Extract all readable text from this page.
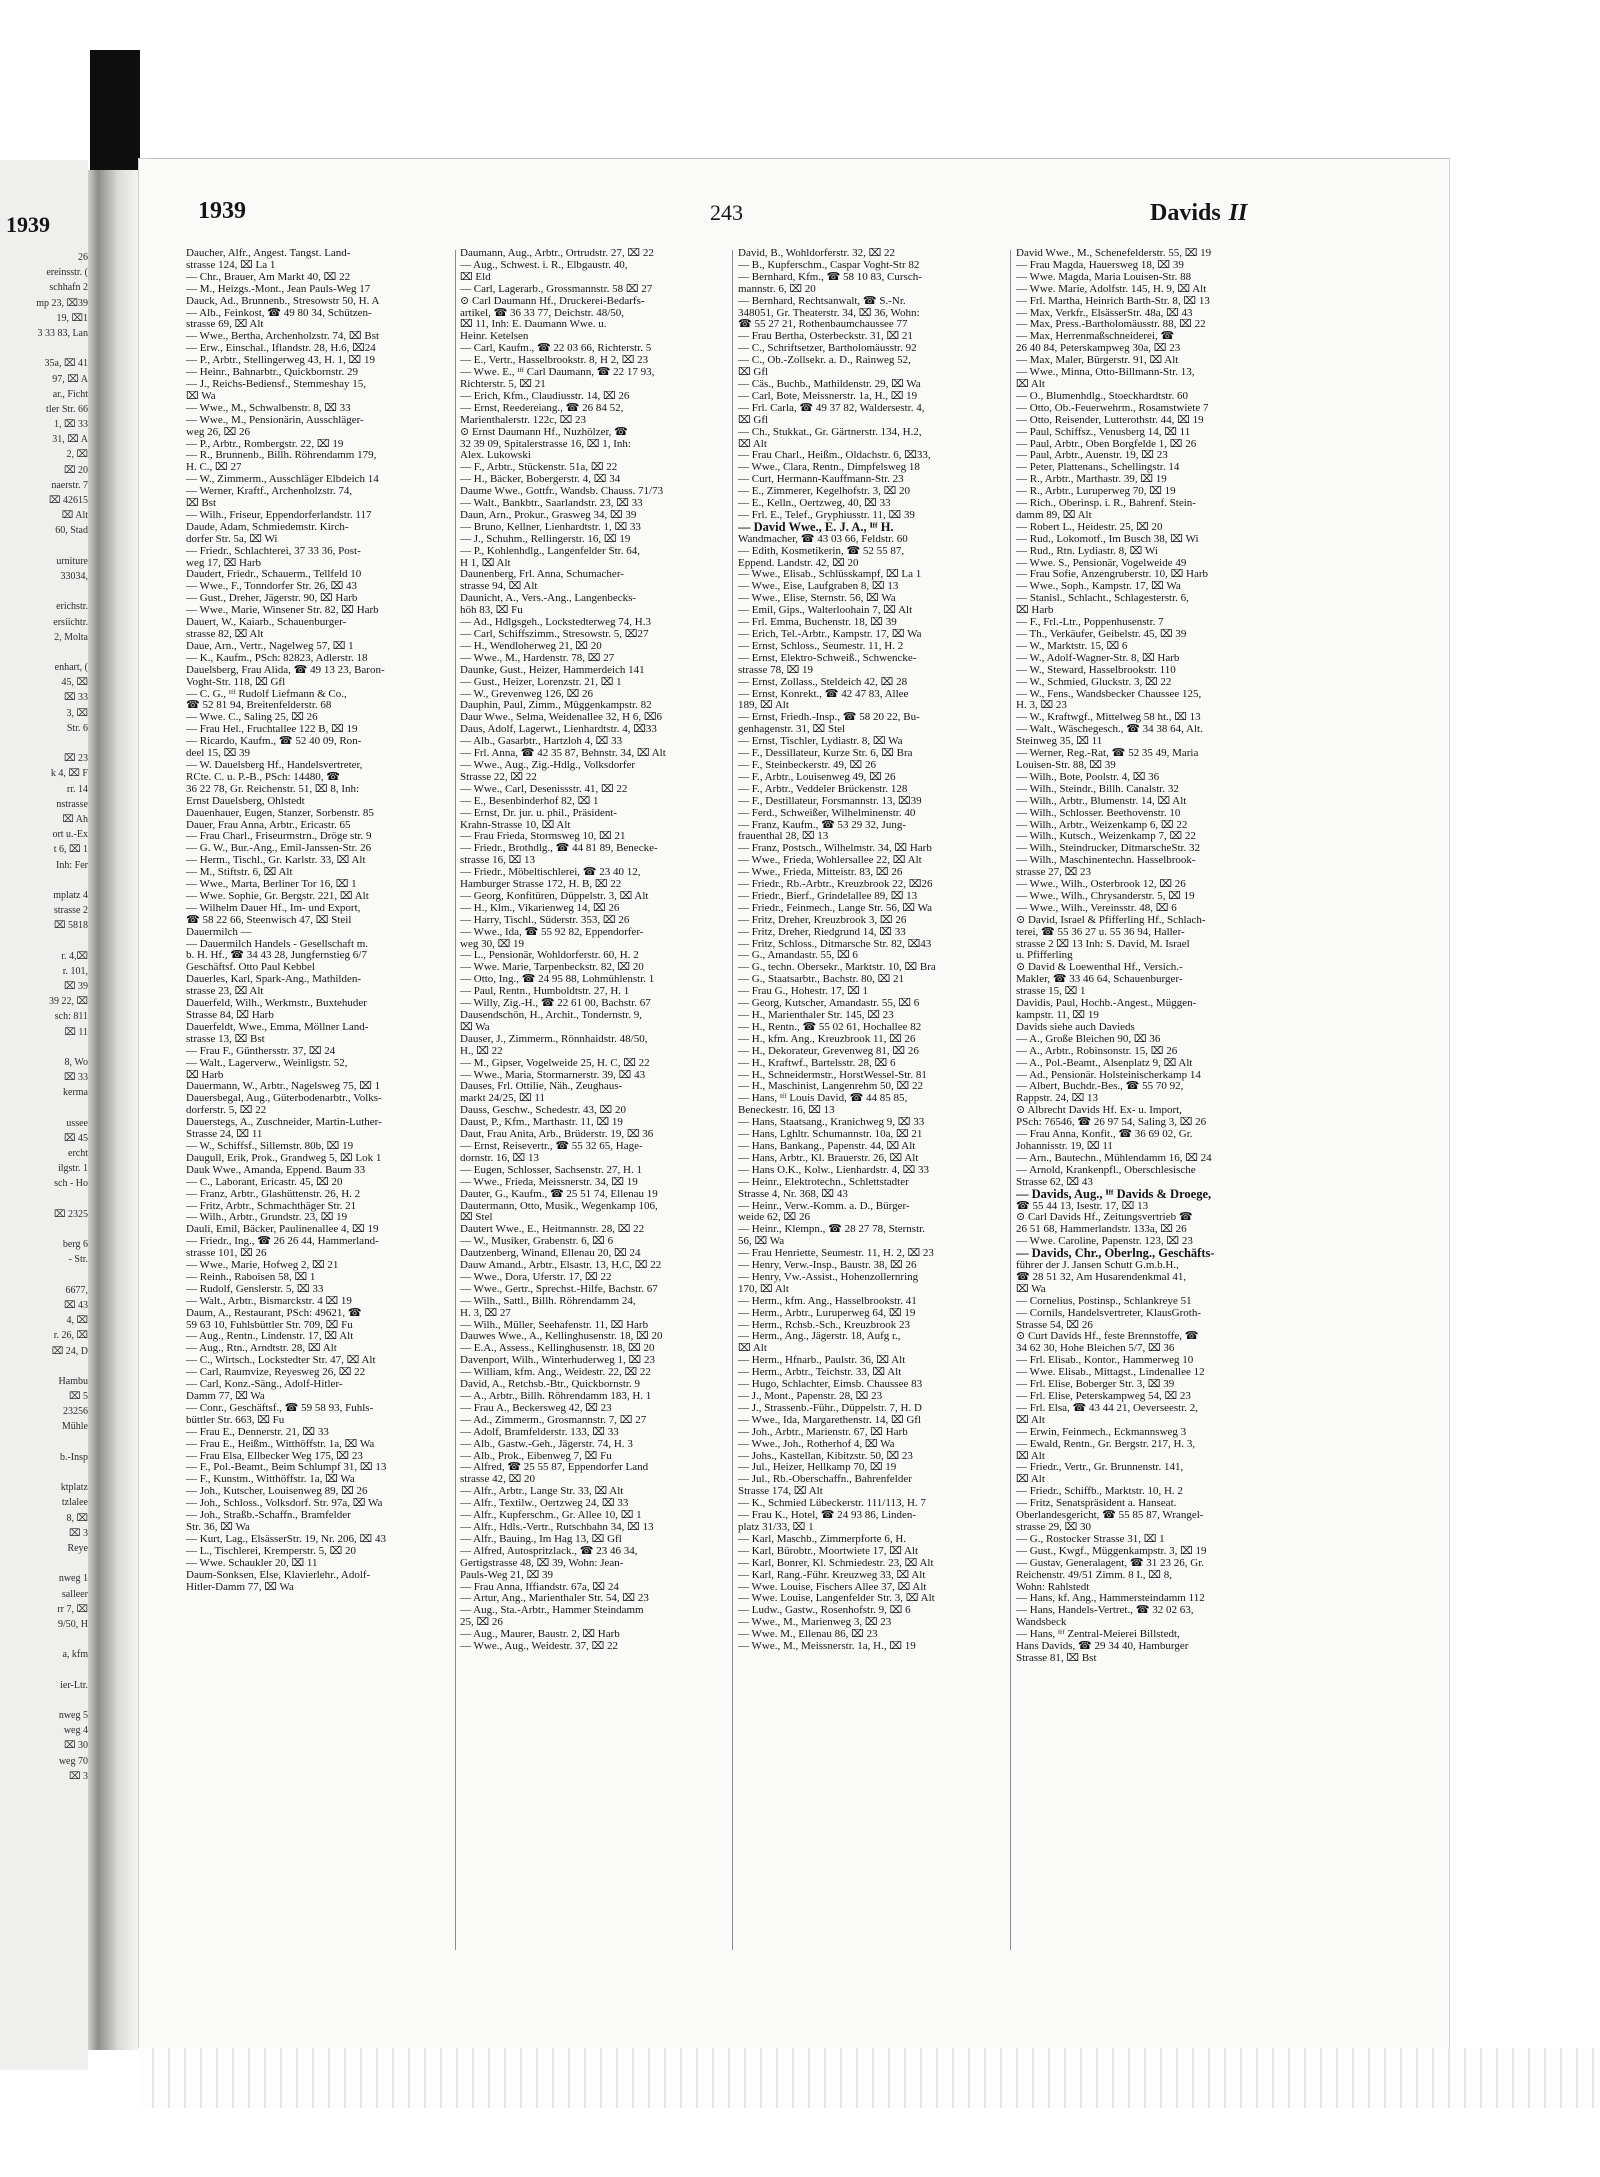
1939
26
ereinsstr. (
schhafn 2
mp 23, ⌧39
19, ⌧1
3 33 83, Lan
35a, ⌧ 41
97, ⌧ A
ar., Ficht
tler Str. 66
1, ⌧ 33
31, ⌧ A
2, ⌧
⌧ 20
naerstr. 7
⌧ 42615
⌧ Alt
60, Stad
urniture
33034,
erichstr.
ersiichtr.
2, Molta
enhart, (
45, ⌧
⌧ 33
3, ⌧
Str. 6
⌧ 23
k 4, ⌧ F
rr. 14
nstrasse
⌧ Ah
ort u.-Ex
t 6, ⌧ 1
Inh: Fer
mplatz 4
strasse 2
⌧ 5818
r. 4,⌧
r. 101,
⌧ 39
39 22, ⌧
sch: 811
⌧ 11
8, Wo
⌧ 33
kerma
ussee
⌧ 45
ercht
ilgstr. 1
sch - Ho
⌧ 2325
berg 6
- Str.
6677,
⌧ 43
4, ⌧
r. 26, ⌧
⌧ 24, D
Hambu
⌧ 5
23256
Mühle
b.-Insp
ktplatz
tzlalee
8, ⌧
⌧ 3
Reye
nweg 1
salleer
rr 7, ⌧
9/50, H
a, kfm
ier-Ltr.
nweg 5
weg 4
⌧ 30
weg 70
⌧ 3
1939	243	Davids II
Daucher, Alfr., Angest. Tangst. Land-
strasse 124, ⌧ La 1
— Chr., Brauer, Am Markt 40, ⌧ 22
— M., Heizgs.-Mont., Jean Pauls-Weg 17
Dauck, Ad., Brunnenb., Stresowstr 50, H. A
— Alb., Feinkost, ☎ 49 80 34, Schützen-
strasse 69, ⌧ Alt
— Wwe., Bertha, Archenholzstr. 74, ⌧ Bst
— Erw., Einschal., Iflandstr. 28, H.6, ⌧24
— P., Arbtr., Stellingerweg 43, H. 1, ⌧ 19
— Heinr., Bahnarbtr., Quickbornstr. 29
— J., Reichs-Bediensf., Stemmeshay 15,
⌧ Wa
— Wwe., M., Schwalbenstr. 8, ⌧ 33
— Wwe., M., Pensionärin, Ausschläger-
weg 26, ⌧ 26
— P., Arbtr., Rombergstr. 22, ⌧ 19
— R., Brunnenb., Billh. Röhrendamm 179,
H. C., ⌧ 27
— W., Zimmerm., Ausschläger Elbdeich 14
— Werner, Kraftf., Archenholzstr. 74,
⌧ Bst
— Wilh., Friseur, Eppendorferlandstr. 117
Daude, Adam, Schmiedemstr. Kirch-
dorfer Str. 5a, ⌧ Wi
— Friedr., Schlachterei, 37 33 36, Post-
weg 17, ⌧ Harb
Daudert, Friedr., Schauerm., Tellfeld 10
— Wwe., F., Tonndorfer Str. 26, ⌧ 43
— Gust., Dreher, Jägerstr. 90, ⌧ Harb
— Wwe., Marie, Winsener Str. 82, ⌧ Harb
Dauert, W., Kaiarb., Schauenburger-
strasse 82, ⌧ Alt
Daue, Arn., Vertr., Nagelweg 57, ⌧ 1
— K., Kaufm., PSch: 82823, Adlerstr. 18
Dauelsberg, Frau Alida, ☎ 49 13 23, Baron-
Voght-Str. 118, ⌧ Gfl
— C. G., ᴵᶠᶠ Rudolf Liefmann & Co.,
☎ 52 81 94, Breitenfelderstr. 68
— Wwe. C., Saling 25, ⌧ 26
— Frau Hel., Fruchtallee 122 B, ⌧ 19
— Ricardo, Kaufm., ☎ 52 40 09, Ron-
deel 15, ⌧ 39
— W. Dauelsberg Hf., Handelsvertreter,
RCte. C. u. P.-B., PSch: 14480, ☎
36 22 78, Gr. Reichenstr. 51, ⌧ 8, Inh:
Ernst Dauelsberg, Ohlstedt
Dauenhauer, Eugen, Stanzer, Sorbenstr. 85
Dauer, Frau Anna, Arbtr., Ericastr. 65
— Frau Charl., Friseurmstrn., Dröge str. 9
— G. W., Bur.-Ang., Emil-Janssen-Str. 26
— Herm., Tischl., Gr. Karlstr. 33, ⌧ Alt
— M., Stiftstr. 6, ⌧ Alt
— Wwe., Marta, Berliner Tor 16, ⌧ 1
— Wwe. Sophie, Gr. Bergstr. 221, ⌧ Alt
— Wilhelm Dauer Hf., Im- und Export,
☎ 58 22 66, Steenwisch 47, ⌧ Steil
Dauermilch —
— Dauermilch Handels - Gesellschaft m.
b. H. Hf., ☎ 34 43 28, Jungfernstieg 6/7
Geschäftsf. Otto Paul Kebbel
Dauerles, Karl, Spark-Ang., Mathilden-
strasse 23, ⌧ Alt
Dauerfeld, Wilh., Werkmstr., Buxtehuder
Strasse 84, ⌧ Harb
Dauerfeldt, Wwe., Emma, Möllner Land-
strasse 13, ⌧ Bst
— Frau F., Günthersstr. 37, ⌧ 24
— Walt., Lagerverw., Weinligstr. 52,
⌧ Harb
Dauermann, W., Arbtr., Nagelsweg 75, ⌧ 1
Dauersbegal, Aug., Güterbodenarbtr., Volks-
dorferstr. 5, ⌧ 22
Dauerstegs, A., Zuschneider, Martin-Luther-
Strasse 24, ⌧ 11
— W., Schiffsf., Sillemstr. 80b, ⌧ 19
Daugull, Erik, Prok., Grandweg 5, ⌧ Lok 1
Dauk Wwe., Amanda, Eppend. Baum 33
— C., Laborant, Ericastr. 45, ⌧ 20
— Franz, Arbtr., Glashüttenstr. 26, H. 2
— Fritz, Arbtr., Schmachthäger Str. 21
— Wilh., Arbtr., Grundstr. 23, ⌧ 19
Dauli, Emil, Bäcker, Paulinenallee 4, ⌧ 19
— Friedr., Ing., ☎ 26 26 44, Hammerland-
strasse 101, ⌧ 26
— Wwe., Marie, Hofweg 2, ⌧ 21
— Reinh., Raboisen 58, ⌧ 1
— Rudolf, Genslerstr. 5, ⌧ 33
— Walt., Arbtr., Bismarckstr. 4 ⌧ 19
Daum, A., Restaurant, PSch: 49621, ☎
59 63 10, Fuhlsbüttler Str. 709, ⌧ Fu
— Aug., Rentn., Lindenstr. 17, ⌧ Alt
— Aug., Rtn., Arndtstr. 28, ⌧ Alt
— C., Wirtsch., Lockstedter Str. 47, ⌧ Alt
— Carl, Raumvize, Reyesweg 26, ⌧ 22
— Carl, Konz.-Säng., Adolf-Hitler-
Damm 77, ⌧ Wa
— Conr., Geschäftsf., ☎ 59 58 93, Fuhls-
büttler Str. 663, ⌧ Fu
— Frau E., Dennerstr. 21, ⌧ 33
— Frau E., Heißm., Witthöffstr. 1a, ⌧ Wa
— Frau Elsa, Ellbecker Weg 175, ⌧ 23
— F., Pol.-Beamt., Beim Schlumpf 31, ⌧ 13
— F., Kunstm., Witthöffstr. 1a, ⌧ Wa
— Joh., Kutscher, Louisenweg 89, ⌧ 26
— Joh., Schloss., Volksdorf. Str. 97a, ⌧ Wa
— Joh., Straßb.-Schaffn., Bramfelder
Str. 36, ⌧ Wa
— Kurt, Lag., ElsässerStr. 19, Nr. 206, ⌧ 43
— L., Tischlerei, Kremperstr. 5, ⌧ 20
— Wwe. Schaukler 20, ⌧ 11
Daum-Sonksen, Else, Klavierlehr., Adolf-
Hitler-Damm 77, ⌧ Wa
Daumann, Aug., Arbtr., Ortrudstr. 27, ⌧ 22
— Aug., Schwest. i. R., Elbgaustr. 40,
⌧ Eld
— Carl, Lagerarb., Grossmannstr. 58 ⌧ 27
⊙ Carl Daumann Hf., Druckerei-Bedarfs-
artikel, ☎ 36 33 77, Deichstr. 48/50,
⌧ 11, Inh: E. Daumann Wwe. u.
Heinr. Ketelsen
— Carl, Kaufm., ☎ 22 03 66, Richterstr. 5
— E., Vertr., Hasselbrookstr. 8, H 2, ⌧ 23
— Wwe. E., ᴵᶠᶠ Carl Daumann, ☎ 22 17 93,
Richterstr. 5, ⌧ 21
— Erich, Kfm., Claudiusstr. 14, ⌧ 26
— Ernst, Reedereiang., ☎ 26 84 52,
Marienthalerstr. 122c, ⌧ 23
⊙ Ernst Daumann Hf., Nuzhölzer, ☎
32 39 09, Spitalerstrasse 16, ⌧ 1, Inh:
Alex. Lukowski
— F., Arbtr., Stückenstr. 51a, ⌧ 22
— H., Bäcker, Bobergerstr. 4, ⌧ 34
Daume Wwe., Gottfr., Wandsb. Chauss. 71/73
— Walt., Bankbtr., Saarlandstr. 23, ⌧ 33
Daun, Arn., Prokur., Grasweg 34, ⌧ 39
— Bruno, Kellner, Lienhardtstr. 1, ⌧ 33
— J., Schuhm., Rellingerstr. 16, ⌧ 19
— P., Kohlenhdlg., Langenfelder Str. 64,
H 1, ⌧ Alt
Daunenberg, Frl. Anna, Schumacher-
strasse 94, ⌧ Alt
Daunicht, A., Vers.-Ang., Langenbecks-
höh 83, ⌧ Fu
— Ad., Hdlgsgeh., Lockstedterweg 74, H.3
— Carl, Schiffszimm., Stresowstr. 5, ⌧27
— H., Wendloherweg 21, ⌧ 20
— Wwe., M., Hardenstr. 78, ⌧ 27
Daunke, Gust., Heizer, Hammerdeich 141
— Gust., Heizer, Lorenzstr. 21, ⌧ 1
— W., Grevenweg 126, ⌧ 26
Dauphin, Paul, Zimm., Müggenkampstr. 82
Daur Wwe., Selma, Weidenallee 32, H 6, ⌧6
Daus, Adolf, Lagerwt., Lienhardtstr. 4, ⌧33
— Alb., Gasarbtr., Hartzloh 4, ⌧ 33
— Frl. Anna, ☎ 42 35 87, Behnstr. 34, ⌧ Alt
— Wwe., Aug., Zig.-Hdlg., Volksdorfer
Strasse 22, ⌧ 22
— Wwe., Carl, Desenissstr. 41, ⌧ 22
— E., Besenbinderhof 82, ⌧ 1
— Ernst, Dr. jur. u. phil., Präsident-
Krahn-Strasse 10, ⌧ Alt
— Frau Frieda, Stormsweg 10, ⌧ 21
— Friedr., Brothdlg., ☎ 44 81 89, Benecke-
strasse 16, ⌧ 13
— Friedr., Möbeltischlerei, ☎ 23 40 12,
Hamburger Strasse 172, H. B, ⌧ 22
— Georg, Konfitüren, Düppelstr. 3, ⌧ Alt
— H., Klm., Vikarienweg 14, ⌧ 26
— Harry, Tischl., Süderstr. 353, ⌧ 26
— Wwe., Ida, ☎ 55 92 82, Eppendorfer-
weg 30, ⌧ 19
— L., Pensionär, Wohldorferstr. 60, H. 2
— Wwe. Marie, Tarpenbeckstr. 82, ⌧ 20
— Otto, Ing., ☎ 24 95 88, Lohmühlenstr. 1
— Paul, Rentn., Humboldtstr. 27, H. 1
— Willy, Zig.-H., ☎ 22 61 00, Bachstr. 67
Dausendschön, H., Archit., Tondernstr. 9,
⌧ Wa
Dauser, J., Zimmerm., Rönnhaidstr. 48/50,
H., ⌧ 22
— M., Gipser, Vogelweide 25, H. C, ⌧ 22
— Wwe., Maria, Stormarnerstr. 39, ⌧ 43
Dauses, Frl. Ottilie, Näh., Zeughaus-
markt 24/25, ⌧ 11
Dauss, Geschw., Schedestr. 43, ⌧ 20
Daust, P., Kfm., Marthastr. 11, ⌧ 19
Daut, Frau Anita, Arb., Brüderstr. 19, ⌧ 36
— Ernst, Reisevertr., ☎ 55 32 65, Hage-
dornstr. 16, ⌧ 13
— Eugen, Schlosser, Sachsenstr. 27, H. 1
— Wwe., Frieda, Meissnerstr. 34, ⌧ 19
Dauter, G., Kaufm., ☎ 25 51 74, Ellenau 19
Dautermann, Otto, Musik., Wegenkamp 106,
⌧ Stel
Dautert Wwe., E., Heitmannstr. 28, ⌧ 22
— W., Musiker, Grabenstr. 6, ⌧ 6
Dautzenberg, Winand, Ellenau 20, ⌧ 24
Dauw Amand., Arbtr., Elsastr. 13, H.C, ⌧ 22
— Wwe., Dora, Uferstr. 17, ⌧ 22
— Wwe., Gertr., Sprechst.-Hilfe, Bachstr. 67
— Wilh., Sattl., Billh. Röhrendamm 24,
H. 3, ⌧ 27
— Wilh., Müller, Seehafenstr. 11, ⌧ Harb
Dauwes Wwe., A., Kellinghusenstr. 18, ⌧ 20
— E.A., Assess., Kellinghusenstr. 18, ⌧ 20
Davenport, Wilh., Winterhuderweg 1, ⌧ 23
— William, kfm. Ang., Weidestr. 22, ⌧ 22
David, A., Retchsb.-Btr., Quickbornstr. 9
— A., Arbtr., Billh. Röhrendamm 183, H. 1
— Frau A., Beckersweg 42, ⌧ 23
— Ad., Zimmerm., Grosmannstr. 7, ⌧ 27
— Adolf, Bramfelderstr. 133, ⌧ 33
— Alb., Gastw.-Geh., Jägerstr. 74, H. 3
— Alb., Prok., Eibenweg 7, ⌧ Fu
— Alfred, ☎ 25 55 87, Eppendorfer Land
strasse 42, ⌧ 20
— Alfr., Arbtr., Lange Str. 33, ⌧ Alt
— Alfr., Textilw., Oertzweg 24, ⌧ 33
— Alfr., Kupferschm., Gr. Allee 10, ⌧ 1
— Alfr., Hdls.-Vertr., Rutschbahn 34, ⌧ 13
— Alfr., Bauing., Im Hag 13, ⌧ Gfl
— Alfred, Autospritzlack., ☎ 23 46 34,
Gertigstrasse 48, ⌧ 39, Wohn: Jean-
Pauls-Weg 21, ⌧ 39
— Frau Anna, Iffiandstr. 67a, ⌧ 24
— Artur, Ang., Marienthaler Str. 54, ⌧ 23
— Aug., Sta.-Arbtr., Hammer Steindamm
25, ⌧ 26
— Aug., Maurer, Baustr. 2, ⌧ Harb
— Wwe., Aug., Weidestr. 37, ⌧ 22
David, B., Wohldorferstr. 32, ⌧ 22
— B., Kupferschm., Caspar Voght-Str 82
— Bernhard, Kfm., ☎ 58 10 83, Cursch-
mannstr. 6, ⌧ 20
— Bernhard, Rechtsanwalt, ☎ S.-Nr.
348051, Gr. Theaterstr. 34, ⌧ 36, Wohn:
☎ 55 27 21, Rothenbaumchaussee 77
— Frau Bertha, Osterbeckstr. 31, ⌧ 21
— C., Schriftsetzer, Bartholomäusstr. 92
— C., Ob.-Zollsekr. a. D., Rainweg 52,
⌧ Gfl
— Cäs., Buchb., Mathildenstr. 29, ⌧ Wa
— Carl, Bote, Meissnerstr. 1a, H., ⌧ 19
— Frl. Carla, ☎ 49 37 82, Waldersestr. 4,
⌧ Gfl
— Ch., Stukkat., Gr. Gärtnerstr. 134, H.2,
⌧ Alt
— Frau Charl., Heißm., Oldachstr. 6, ⌧33,
— Wwe., Clara, Rentn., Dimpfelsweg 18
— Curt, Hermann-Kauffmann-Str. 23
— E., Zimmerer, Kegelhofstr. 3, ⌧ 20
— E., Kelln., Oertzweg, 40, ⌧ 33
— Frl. E., Telef., Gryphiusstr. 11, ⌧ 39
— David Wwe., E. J. A., ᴵᶠᶠ H.
Wandmacher, ☎ 43 03 66, Feldstr. 60
— Edith, Kosmetikerin, ☎ 52 55 87,
Eppend. Landstr. 42, ⌧ 20
— Wwe., Elisab., Schlüsskampf, ⌧ La 1
— Wwe., Eise, Laufgraben 8, ⌧ 13
— Wwe., Elise, Sternstr. 56, ⌧ Wa
— Emil, Gips., Walterloohain 7, ⌧ Alt
— Frl. Emma, Buchenstr. 18, ⌧ 39
— Erich, Tel.-Arbtr., Kampstr. 17, ⌧ Wa
— Ernst, Schloss., Seumestr. 11, H. 2
— Ernst, Elektro-Schweiß., Schwencke-
strasse 78, ⌧ 19
— Ernst, Zollass., Steldeich 42, ⌧ 28
— Ernst, Konrekt., ☎ 42 47 83, Allee
189, ⌧ Alt
— Ernst, Friedh.-Insp., ☎ 58 20 22, Bu-
genhagenstr. 31, ⌧ Stel
— Ernst, Tischler, Lydiastr. 8, ⌧ Wa
— F., Dessillateur, Kurze Str. 6, ⌧ Bra
— F., Steinbeckerstr. 49, ⌧ 26
— F., Arbtr., Louisenweg 49, ⌧ 26
— F., Arbtr., Veddeler Brückenstr. 128
— F., Destillateur, Forsmannstr. 13, ⌧39
— Ferd., Schweißer, Wilhelminenstr. 40
— Franz, Kaufm., ☎ 53 29 32, Jung-
frauenthal 28, ⌧ 13
— Franz, Postsch., Wilhelmstr. 34, ⌧ Harb
— Wwe., Frieda, Wohlersallee 22, ⌧ Alt
— Wwe., Frieda, Mitteistr. 83, ⌧ 26
— Friedr., Rb.-Arbtr., Kreuzbrook 22, ⌧26
— Friedr., Bierf., Grindelallee 89, ⌧ 13
— Friedr., Feinmech., Lange Str. 56, ⌧ Wa
— Fritz, Dreher, Kreuzbrook 3, ⌧ 26
— Fritz, Dreher, Riedgrund 14, ⌧ 33
— Fritz, Schloss., Ditmarsche Str. 82, ⌧43
— G., Amandastr. 55, ⌧ 6
— G., techn. Obersekr., Marktstr. 10, ⌧ Bra
— G., Staatsarbtr., Bachstr. 80, ⌧ 21
— Frau G., Hohestr. 17, ⌧ 1
— Georg, Kutscher, Amandastr. 55, ⌧ 6
— H., Marienthaler Str. 145, ⌧ 23
— H., Rentn., ☎ 55 02 61, Hochallee 82
— H., kfm. Ang., Kreuzbrook 11, ⌧ 26
— H., Dekorateur, Grevenweg 81, ⌧ 26
— H., Kraftwf., Bartelsstr. 28, ⌧ 6
— H., Schneidermstr., HorstWessel-Str. 81
— H., Maschinist, Langenrehm 50, ⌧ 22
— Hans, ᴵᶠᶠ Louis David, ☎ 44 85 85,
Beneckestr. 16, ⌧ 13
— Hans, Staatsang., Kranichweg 9, ⌧ 33
— Hans, Lghltr. Schumannstr. 10a, ⌧ 21
— Hans, Bankang., Papenstr. 44, ⌧ Alt
— Hans, Arbtr., Kl. Brauerstr. 26, ⌧ Alt
— Hans O.K., Kolw., Lienhardstr. 4, ⌧ 33
— Heinr., Elektrotechn., Schlettstadter
Strasse 4, Nr. 368, ⌧ 43
— Heinr., Verw.-Komm. a. D., Bürger-
weide 62, ⌧ 26
— Heinr., Klempn., ☎ 28 27 78, Sternstr.
56, ⌧ Wa
— Frau Henriette, Seumestr. 11, H. 2, ⌧ 23
— Henry, Verw.-Insp., Baustr. 38, ⌧ 26
— Henry, Vw.-Assist., Hohenzollernring
170, ⌧ Alt
— Herm., kfm. Ang., Hasselbrookstr. 41
— Herm., Arbtr., Luruperweg 64, ⌧ 19
— Herm., Rchsb.-Sch., Kreuzbrook 23
— Herm., Ang., Jägerstr. 18, Aufg r.,
⌧ Alt
— Herm., Hfnarb., Paulstr. 36, ⌧ Alt
— Herm., Arbtr., Teichstr. 33, ⌧ Alt
— Hugo, Schlachter, Eimsb. Chaussee 83
— J., Mont., Papenstr. 28, ⌧ 23
— J., Strassenb.-Führ., Düppelstr. 7, H. D
— Wwe., Ida, Margarethenstr. 14, ⌧ Gfl
— Joh., Arbtr., Marienstr. 67, ⌧ Harb
— Wwe., Joh., Rotherhof 4, ⌧ Wa
— Johs., Kastellan, Kibitzstr. 50, ⌧ 23
— Jul., Heizer, Hellkamp 70, ⌧ 19
— Jul., Rb.-Oberschaffn., Bahrenfelder
Strasse 174, ⌧ Alt
— K., Schmied Lübeckerstr. 111/113, H. 7
— Frau K., Hotel, ☎ 24 93 86, Linden-
platz 31/33, ⌧ 1
— Karl, Maschb., Zimmerpforte 6, H.
— Karl, Bürobtr., Moortwiete 17, ⌧ Alt
— Karl, Bonrer, Kl. Schmiedestr. 23, ⌧ Alt
— Karl, Rang.-Führ. Kreuzweg 33, ⌧ Alt
— Wwe. Louise, Fischers Allee 37, ⌧ Alt
— Wwe. Louise, Langenfelder Str. 3, ⌧ Alt
— Ludw., Gastw., Rosenhofstr. 9, ⌧ 6
— Wwe., M., Marienweg 3, ⌧ 23
— Wwe. M., Ellenau 86, ⌧ 23
— Wwe., M., Meissnerstr. 1a, H., ⌧ 19
David Wwe., M., Schenefelderstr. 55, ⌧ 19
— Frau Magda, Hauersweg 18, ⌧ 39
— Wwe. Magda, Maria Louisen-Str. 88
— Wwe. Marie, Adolfstr. 145, H. 9, ⌧ Alt
— Frl. Martha, Heinrich Barth-Str. 8, ⌧ 13
— Max, Verkfr., ElsässerStr. 48a, ⌧ 43
— Max, Press.-Bartholomäusstr. 88, ⌧ 22
— Max, Herrenmaßschneiderei, ☎
26 40 84, Peterskampweg 30a, ⌧ 23
— Max, Maler, Bürgerstr. 91, ⌧ Alt
— Wwe., Minna, Otto-Billmann-Str. 13,
⌧ Alt
— O., Blumenhdlg., Stoeckhardtstr. 60
— Otto, Ob.-Feuerwehrm., Rosamstwiete 7
— Otto, Reisender, Lutterothstr. 44, ⌧ 19
— Paul, Schiffsz., Venusberg 14, ⌧ 11
— Paul, Arbtr., Oben Borgfelde 1, ⌧ 26
— Paul, Arbtr., Auenstr. 19, ⌧ 23
— Peter, Plattenans., Schellingstr. 14
— R., Arbtr., Marthastr. 39, ⌧ 19
— R., Arbtr., Luruperweg 70, ⌧ 19
— Rich., Oberinsp. i. R., Bahrenf. Stein-
damm 89, ⌧ Alt
— Robert L., Heidestr. 25, ⌧ 20
— Rud., Lokomotf., Im Busch 38, ⌧ Wi
— Rud., Rtn. Lydiastr. 8, ⌧ Wi
— Wwe. S., Pensionär, Vogelweide 49
— Frau Sofie, Anzengruberstr. 10, ⌧ Harb
— Wwe., Soph., Kampstr. 17, ⌧ Wa
— Stanisl., Schlacht., Schlagesterstr. 6,
⌧ Harb
— F., Frl.-Ltr., Poppenhusenstr. 7
— Th., Verkäufer, Geibelstr. 45, ⌧ 39
— W., Marktstr. 15, ⌧ 6
— W., Adolf-Wagner-Str. 8, ⌧ Harb
— W., Steward, Hasselbrookstr. 110
— W., Schmied, Gluckstr. 3, ⌧ 22
— W., Fens., Wandsbecker Chaussee 125,
H. 3, ⌧ 23
— W., Kraftwgf., Mittelweg 58 ht., ⌧ 13
— Walt., Wäschegesch., ☎ 34 38 64, Alt.
Steinweg 35, ⌧ 11
— Werner, Reg.-Rat, ☎ 52 35 49, Maria
Louisen-Str. 88, ⌧ 39
— Wilh., Bote, Poolstr. 4, ⌧ 36
— Wilh., Steindr., Billh. Canalstr. 32
— Wilh., Arbtr., Blumenstr. 14, ⌧ Alt
— Wilh., Schlosser. Beethovenstr. 10
— Wilh., Arbtr., Weizenkamp 6, ⌧ 22
— Wilh., Kutsch., Weizenkamp 7, ⌧ 22
— Wilh., Steindrucker, DitmarscheStr. 32
— Wilh., Maschinentechn. Hasselbrook-
strasse 27, ⌧ 23
— Wwe., Wilh., Osterbrook 12, ⌧ 26
— Wwe., Wilh., Chrysanderstr. 5, ⌧ 19
— Wwe., Wilh., Vereinsstr. 48, ⌧ 6
⊙ David, Israel & Pfifferling Hf., Schlach-
terei, ☎ 55 36 27 u. 55 36 94, Haller-
strasse 2 ⌧ 13 Inh: S. David, M. Israel
u. Pfifferling
⊙ David & Loewenthal Hf., Versich.-
Makler, ☎ 33 46 64, Schauenburger-
strasse 15, ⌧ 1
Davidis, Paul, Hochb.-Angest., Müggen-
kampstr. 11, ⌧ 19
Davids siehe auch Davieds
— A., Große Bleichen 90, ⌧ 36
— A., Arbtr., Robinsonstr. 15, ⌧ 26
— A., Pol.-Beamt., Alsenplatz 9, ⌧ Alt
— Ad., Pensionär. Holsteinischerkamp 14
— Albert, Buchdr.-Bes., ☎ 55 70 92,
Rappstr. 24, ⌧ 13
⊙ Albrecht Davids Hf. Ex- u. Import,
PSch: 76546, ☎ 26 97 54, Saling 3, ⌧ 26
— Frau Anna, Konfit., ☎ 36 69 02, Gr.
Johannisstr. 19, ⌧ 11
— Arn., Bautechn., Mühlendamm 16, ⌧ 24
— Arnold, Krankenpfl., Oberschlesische
Strasse 62, ⌧ 43
— Davids, Aug., ᴵᶠᶠ Davids & Droege,
☎ 55 44 13, Isestr. 17, ⌧ 13
⊙ Carl Davids Hf., Zeitungsvertrieb ☎
26 51 68, Hammerlandstr. 133a, ⌧ 26
— Wwe. Caroline, Papenstr. 123, ⌧ 23
— Davids, Chr., Oberlng., Geschäfts-
führer der J. Jansen Schutt G.m.b.H.,
☎ 28 51 32, Am Husarendenkmal 41,
⌧ Wa
— Cornelius, Postinsp., Schlankreye 51
— Cornils, Handelsvertreter, KlausGroth-
Strasse 54, ⌧ 26
⊙ Curt Davids Hf., feste Brennstoffe, ☎
34 62 30, Hohe Bleichen 5/7, ⌧ 36
— Frl. Elisab., Kontor., Hammerweg 10
— Wwe. Elisab., Mittagst., Lindenallee 12
— Frl. Elise, Boberger Str. 3, ⌧ 39
— Frl. Elise, Peterskampweg 54, ⌧ 23
— Frl. Elsa, ☎ 43 44 21, Oeverseestr. 2,
⌧ Alt
— Erwin, Feinmech., Eckmannsweg 3
— Ewald, Rentn., Gr. Bergstr. 217, H. 3,
⌧ Alt
— Friedr., Vertr., Gr. Brunnenstr. 141,
⌧ Alt
— Friedr., Schiffb., Marktstr. 10, H. 2
— Fritz, Senatspräsident a. Hanseat.
Oberlandesgericht, ☎ 55 85 87, Wrangel-
strasse 29, ⌧ 30
— G., Rostocker Strasse 31, ⌧ 1
— Gust., Kwgf., Müggenkampstr. 3, ⌧ 19
— Gustav, Generalagent, ☎ 31 23 26, Gr.
Reichenstr. 49/51 Zimm. 8 I., ⌧ 8,
Wohn: Rahlstedt
— Hans, kf. Ang., Hammersteindamm 112
— Hans, Handels-Vertret., ☎ 32 02 63,
Wandsbeck
— Hans, ᴵᶠᶠ Zentral-Meierei Billstedt,
Hans Davids, ☎ 29 34 40, Hamburger
Strasse 81, ⌧ Bst
